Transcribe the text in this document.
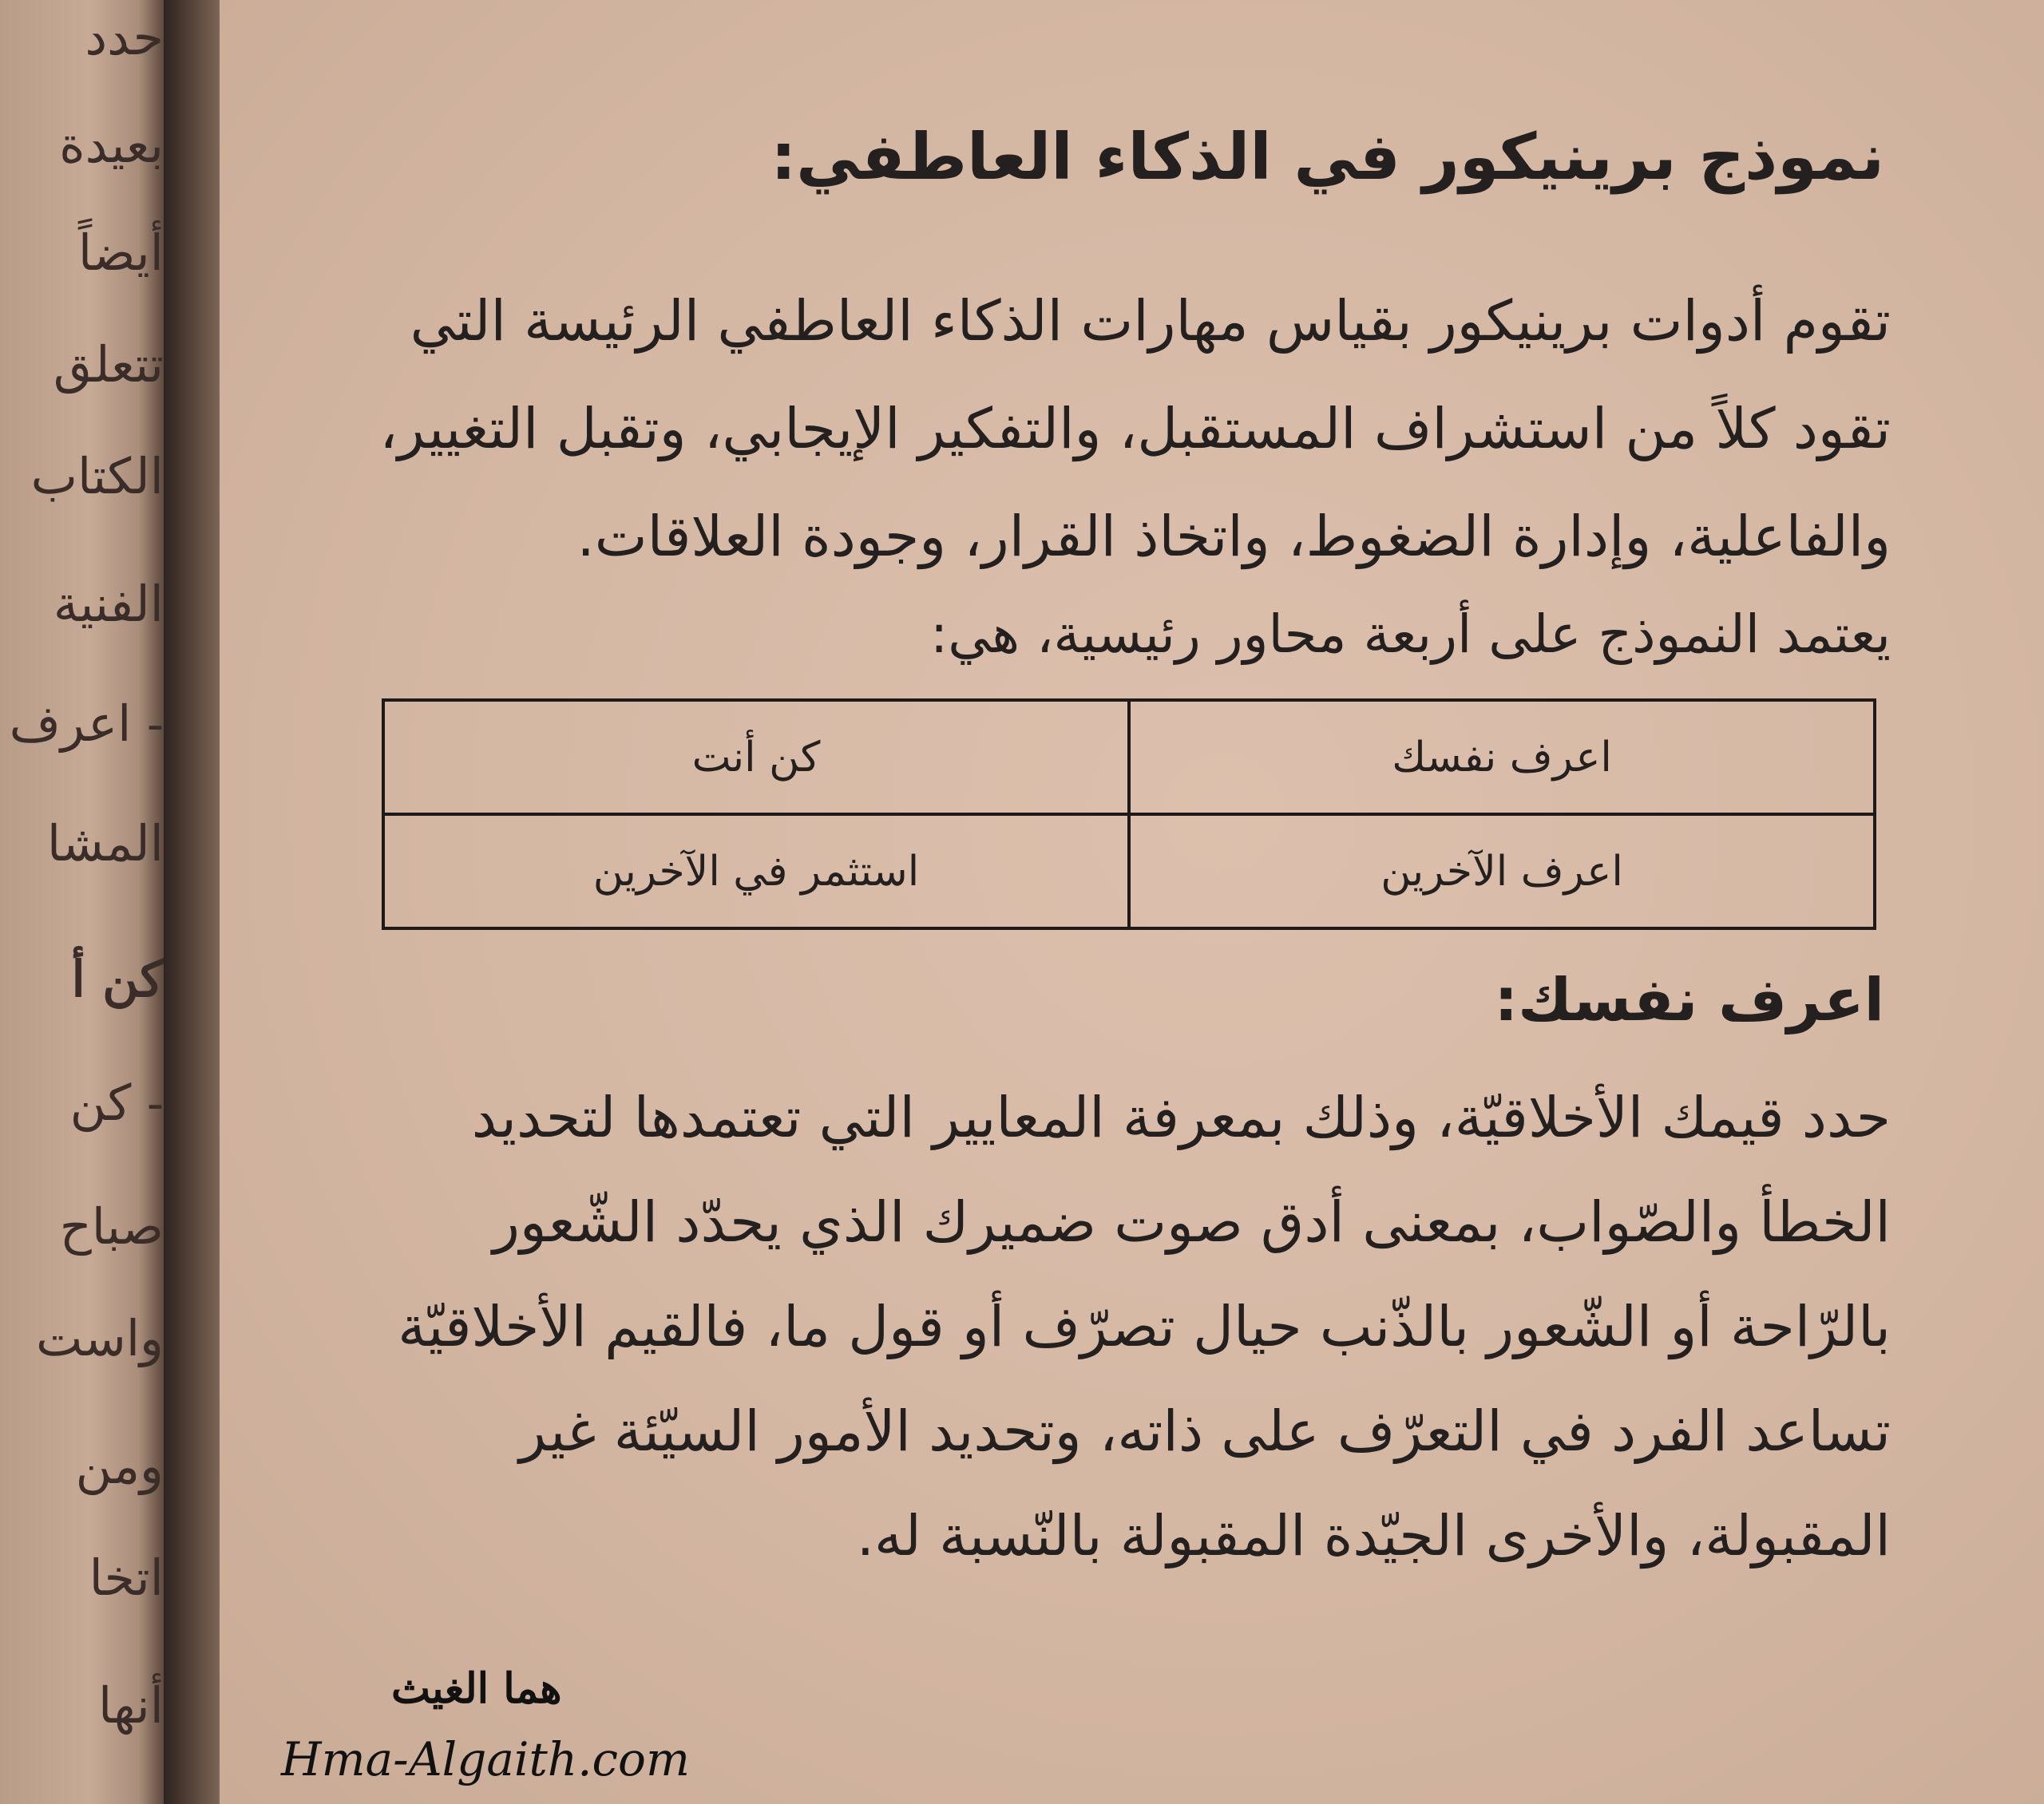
حدد
بعيدة
أيضاً
تتعلق
الكتاب
الفنية
- اعرف
المشا
كن أ
- كن
صباح
واست
ومن
اتخا
أنها
نموذج برينيكور في الذكاء العاطفي:
تقوم أدوات برينيكور بقياس مهارات الذكاء العاطفي الرئيسة التي تقود كلاً من استشراف المستقبل، والتفكير الإيجابي، وتقبل التغيير، والفاعلية، وإدارة الضغوط، واتخاذ القرار، وجودة العلاقات.
يعتمد النموذج على أربعة محاور رئيسية، هي:
اعرف نفسك	كن أنت
اعرف الآخرين	استثمر في الآخرين
اعرف نفسك:
حدد قيمك الأخلاقيّة، وذلك بمعرفة المعايير التي تعتمدها لتحديد الخطأ والصّواب، بمعنى أدق صوت ضميرك الذي يحدّد الشّعور بالرّاحة أو الشّعور بالذّنب حيال تصرّف أو قول ما، فالقيم الأخلاقيّة تساعد الفرد في التعرّف على ذاته، وتحديد الأمور السيّئة غير المقبولة، والأخرى الجيّدة المقبولة بالنّسبة له.
هما الغيث
Hma-Algaith.com
